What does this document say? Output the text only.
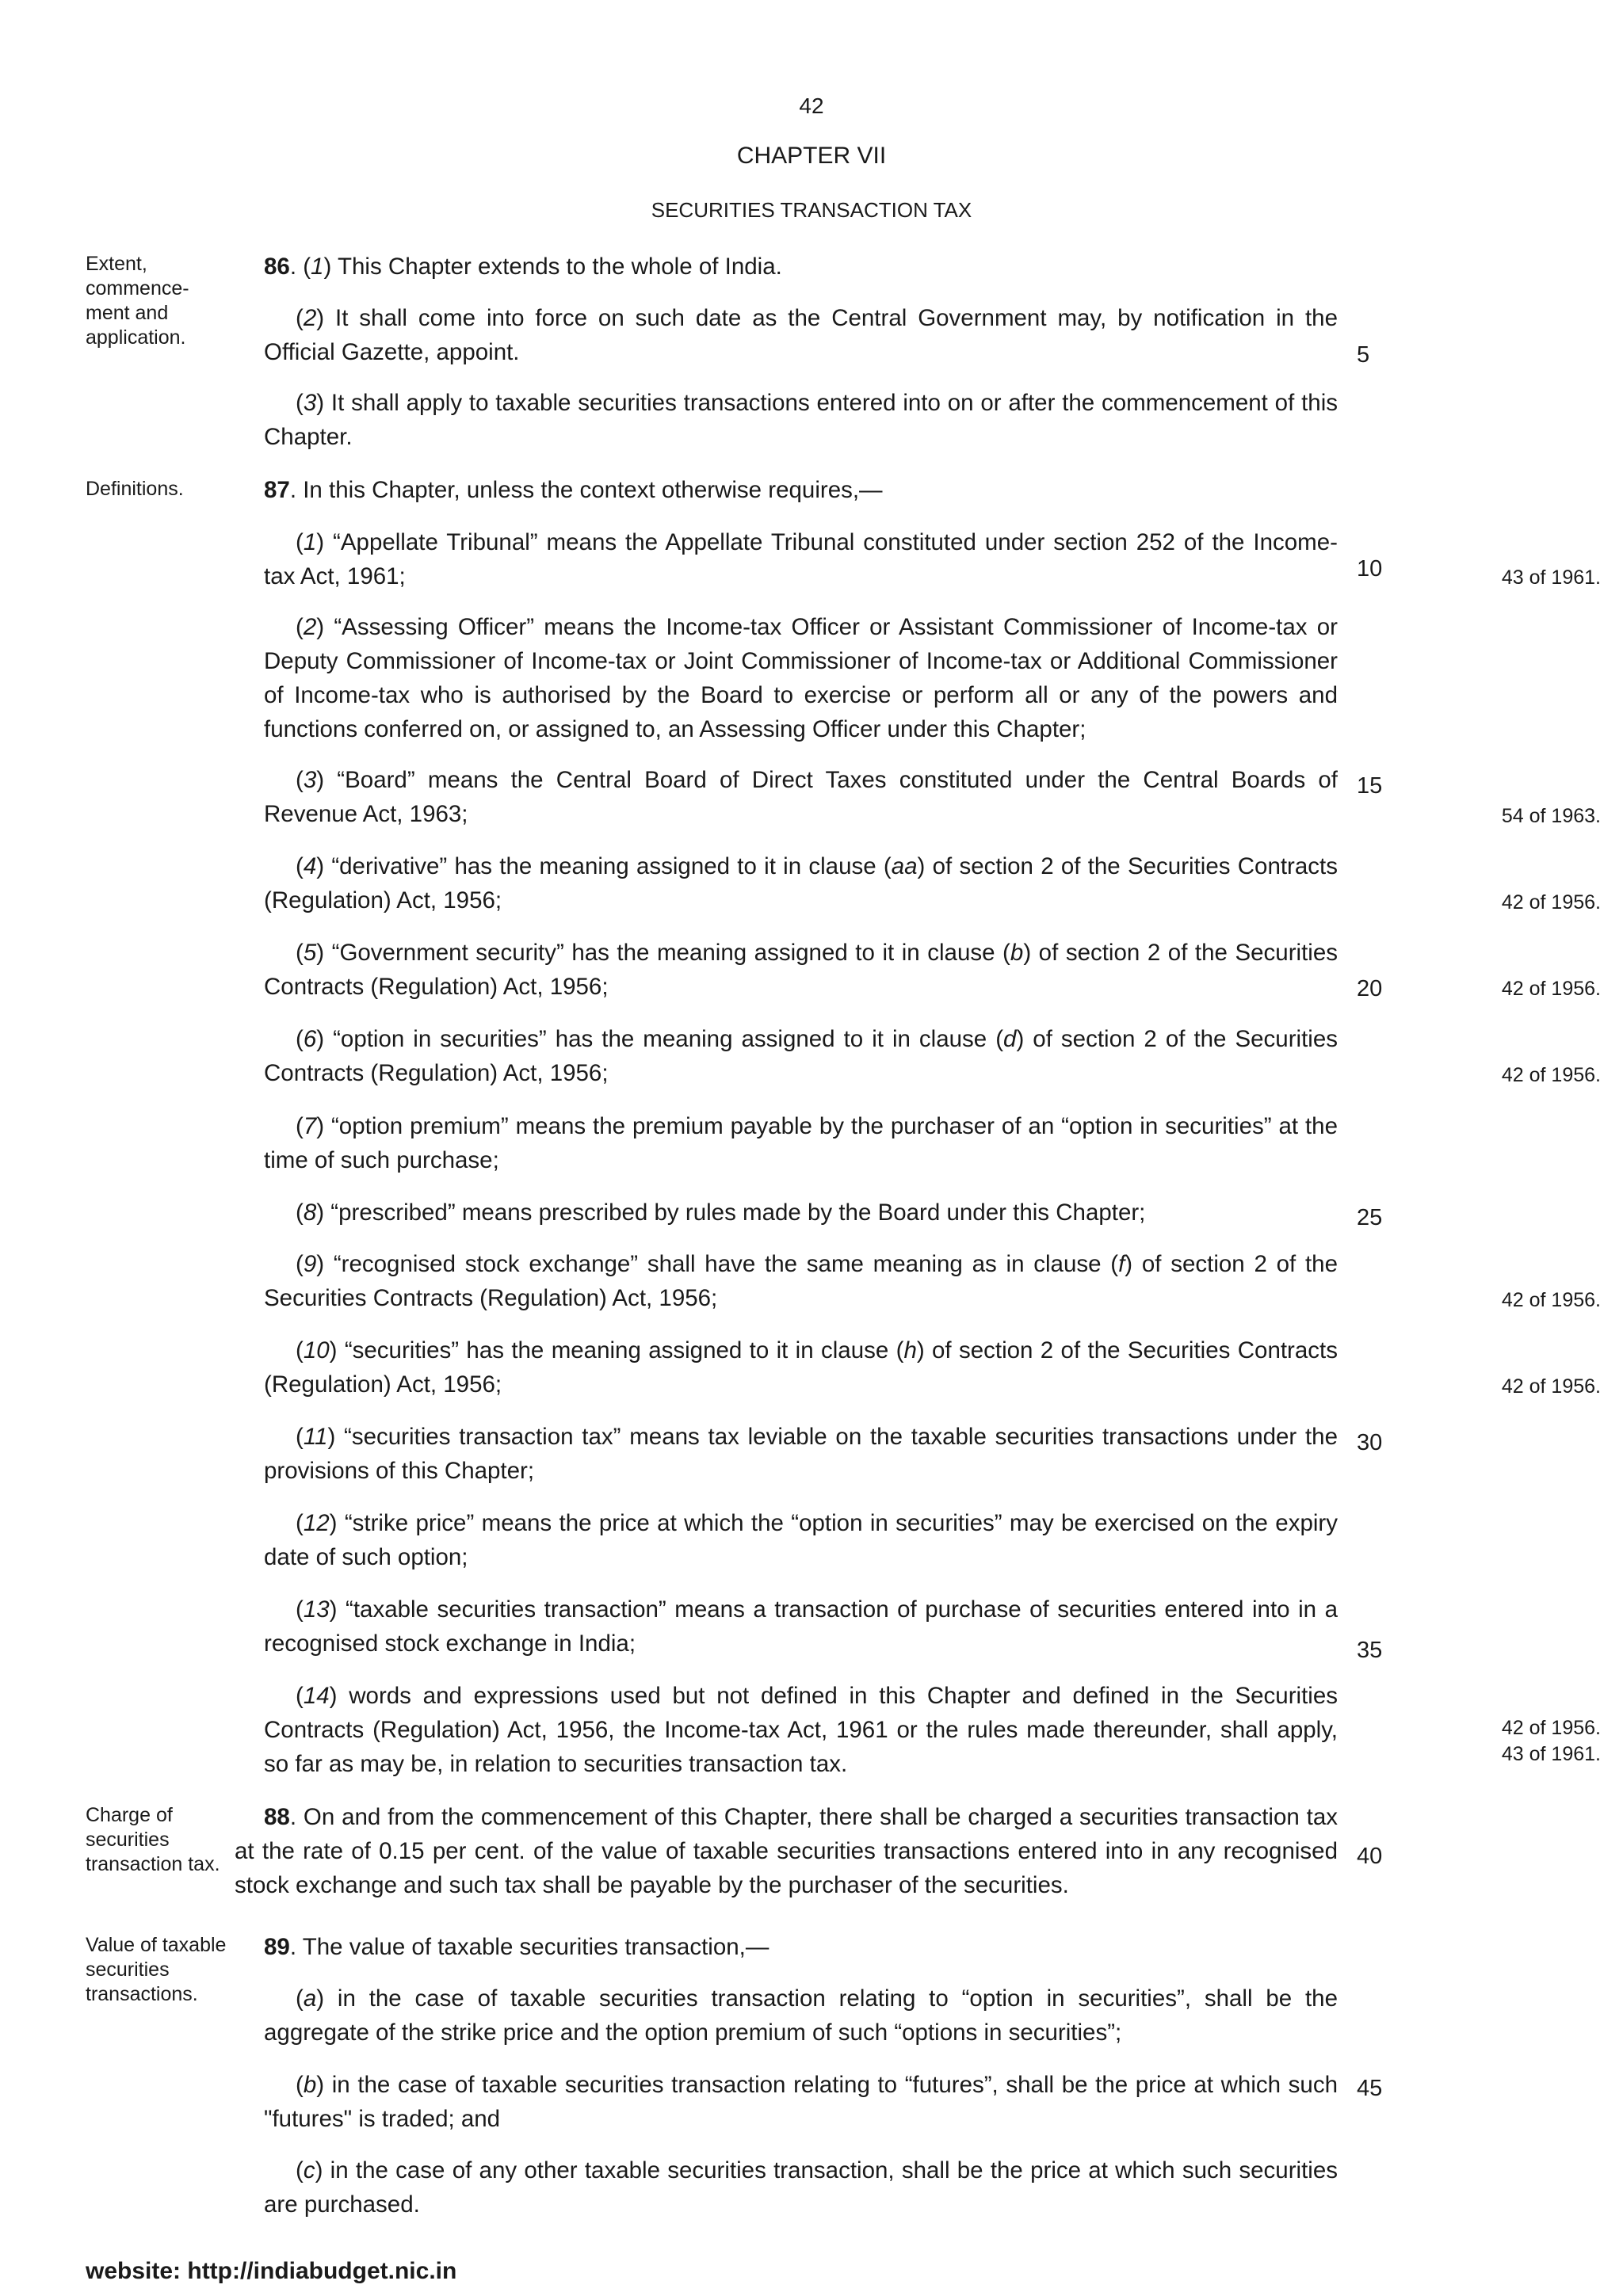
42
CHAPTER VII
SECURITIES TRANSACTION TAX
Extent, commence- ment and application.
86. (1) This Chapter extends to the whole of India.
(2) It shall come into force on such date as the Central Government may, by notification in the Official Gazette, appoint.
(3) It shall apply to taxable securities transactions entered into on or after the commencement of this Chapter.
Definitions.	87. In this Chapter, unless the context otherwise requires,—
(1) “Appellate Tribunal” means the Appellate Tribunal constituted under section 252 of the Income-tax Act, 1961;
(2) “Assessing Officer” means the Income-tax Officer or Assistant Commissioner of Income-tax or Deputy Commissioner of Income-tax or Joint Commissioner of Income-tax or Additional Commissioner of Income-tax who is authorised by the Board to exercise or perform all or any of the powers and functions conferred on, or assigned to, an Assessing Officer under this Chapter;
(3) “Board” means the Central Board of Direct Taxes constituted under the Central Boards of Revenue Act, 1963;
(4) “derivative” has the meaning assigned to it in clause (aa) of section 2 of the Securities Contracts (Regulation) Act, 1956;
(5) “Government security” has the meaning assigned to it in clause (b) of section 2 of the Securities Contracts (Regulation) Act, 1956;
(6) “option in securities” has the meaning assigned to it in clause (d) of section 2 of the Securities Contracts (Regulation) Act, 1956;
(7) “option premium” means the premium payable by the purchaser of an “option in securities” at the time of such purchase;
(8) “prescribed” means prescribed by rules made by the Board under this Chapter;
(9) “recognised stock exchange” shall have the same meaning as in clause (f) of section 2 of the Securities Contracts (Regulation) Act, 1956;
(10) “securities” has the meaning assigned to it in clause (h) of section 2 of the Securities Contracts (Regulation) Act, 1956;
(11) “securities transaction tax” means tax leviable on the taxable securities transactions under the provisions of this Chapter;
(12) “strike price” means the price at which the “option in securities” may be exercised on the expiry date of such option;
(13) “taxable securities transaction” means a transaction of purchase of securities entered into in a recognised stock exchange in India;
(14) words and expressions used but not defined in this Chapter and defined in the Securities Contracts (Regulation) Act, 1956, the Income-tax Act, 1961 or the rules made thereunder, shall apply, so far as may be, in relation to securities transaction tax.
Charge of securities transaction tax.
88. On and from the commencement of this Chapter, there shall be charged a securities transaction tax at the rate of 0.15 per cent. of the value of taxable securities transactions entered into in any recognised stock exchange and such tax shall be payable by the purchaser of the securities.
Value of taxable securities transactions.
89. The value of taxable securities transaction,—
(a) in the case of taxable securities transaction relating to “option in securities”, shall be the aggregate of the strike price and the option premium of such “options in securities”;
(b) in the case of taxable securities transaction relating to “futures”, shall be the price at which such "futures" is traded; and
(c) in the case of any other taxable securities transaction, shall be the price at which such securities are purchased.
5
10
15
20
25
30
35
40
45
43 of 1961.
54 of 1963.
42 of 1956.
42 of 1956.
42 of 1956.
42 of 1956.
42 of 1956.
42 of 1956.
43 of 1961.
website: http://indiabudget.nic.in
